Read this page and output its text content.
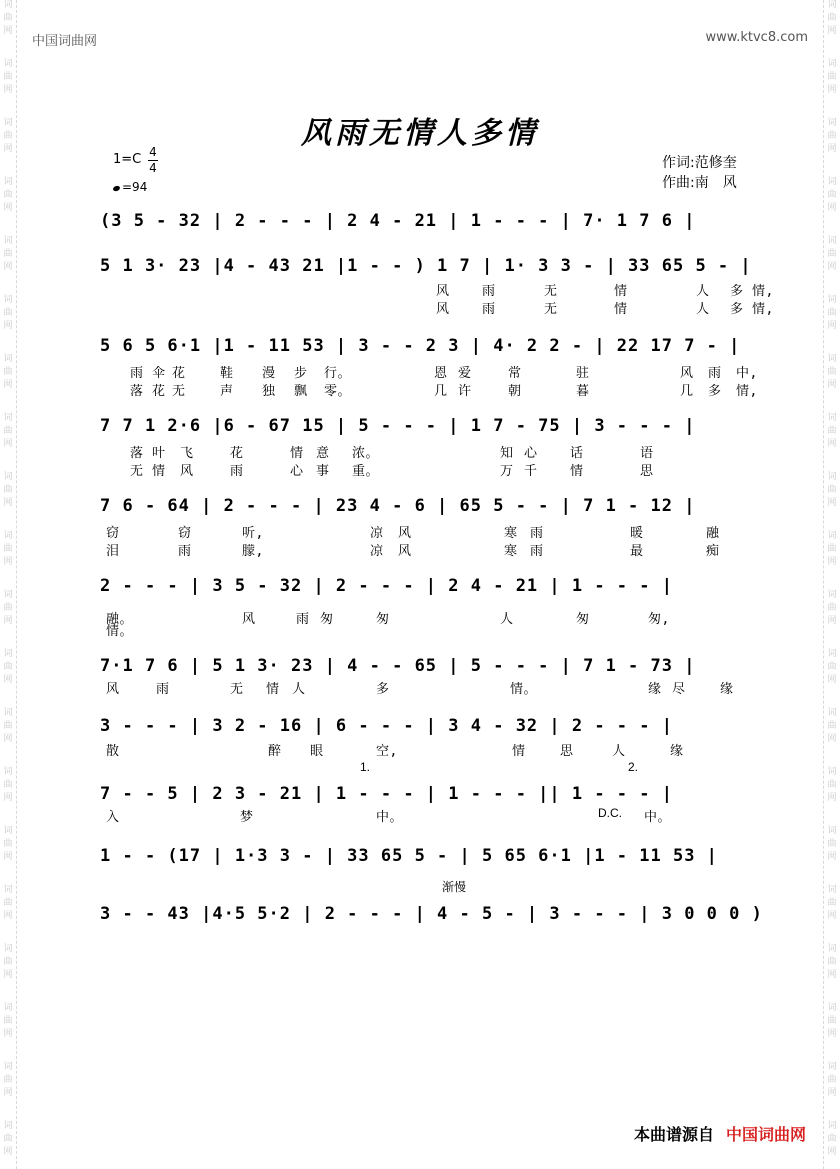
词
曲
网
词
曲
网
词
曲
网
词
曲
网
词
曲
网
词
曲
网
词
曲
网
词
曲
网
词
曲
网
词
曲
网
词
曲
网
词
曲
网
词
曲
网
词
曲
网
词
曲
网
词
曲
网
词
曲
网
词
曲
网
词
曲
网
词
曲
网
词
曲
网
词
曲
网
词
曲
网
词
曲
网
词
曲
网
词
曲
网
词
曲
网
词
曲
网
词
曲
网
词
曲
网
词
曲
网
词
曲
网
词
曲
网
词
曲
网
词
曲
网
词
曲
网
词
曲
网
词
曲
网
词
曲
网
词
曲
网
中国词曲网	www.ktvc8.com
风雨无情人多情
1=C 4
4
=94
作词:范修奎
作曲:南　风
(3 5 - 32 | 2 - - - | 2 4 - 21 | 1 - - - | 7· 1 7 6 |
5 1 3· 23 |4 - 43 21 |1 - - ) 1 7 | 1· 3 3 - | 33 65 5 - |
5 6 5 6·1 |1 - 11 53 | 3 - - 2 3 | 4· 2 2 - | 22 17 7 - |
7 7 1 2·6 |6 - 67 15 | 5 - - - | 1 7 - 75 | 3 - - - |
7 6 - 64 | 2 - - - | 23 4 - 6 | 65 5 - - | 7 1 - 12 |
2 - - - | 3 5 - 32 | 2 - - - | 2 4 - 21 | 1 - - - |
7·1 7 6 | 5 1 3· 23 | 4 - - 65 | 5 - - - | 7 1 - 73 |
3 - - - | 3 2 - 16 | 6 - - - | 3 4 - 32 | 2 - - - |
7 - - 5 | 2 3 - 21 | 1 - - - | 1 - - - || 1 - - - |
1 - - (17 | 1·3 3 - | 33 65 5 - | 5 65 6·1 |1 - 11 53 |
3 - - 43 |4·5 5·2 | 2 - - - | 4 - 5 - | 3 - - - | 3 0 0 0 )
风 雨	无	情	人 多 情,
风 雨	无	情	人 多 情,
雨 伞 花	鞋 漫 步 行。	恩 爱	常	驻	风 雨 中,
落 花 无	声 独 飘 零。	几 许	朝	暮	几 多 情,
落 叶 飞	花	情 意 浓。	知 心 话	语
无 情 风	雨	心 事 重。	万 千 情	思
窃	窃	听,	凉 风	寒 雨	暖	融
泪	雨	朦,	凉 风	寒 雨	最	痴
融。	风	雨 匆	匆	人	匆	匆,
情。
风	雨	无 情 人	多	情。	缘 尽	缘
散	醉 眼	空,	情	思	人	缘
入	梦	中。	中。
D.C.
1.	2.
渐慢
本曲谱源自 中国词曲网
